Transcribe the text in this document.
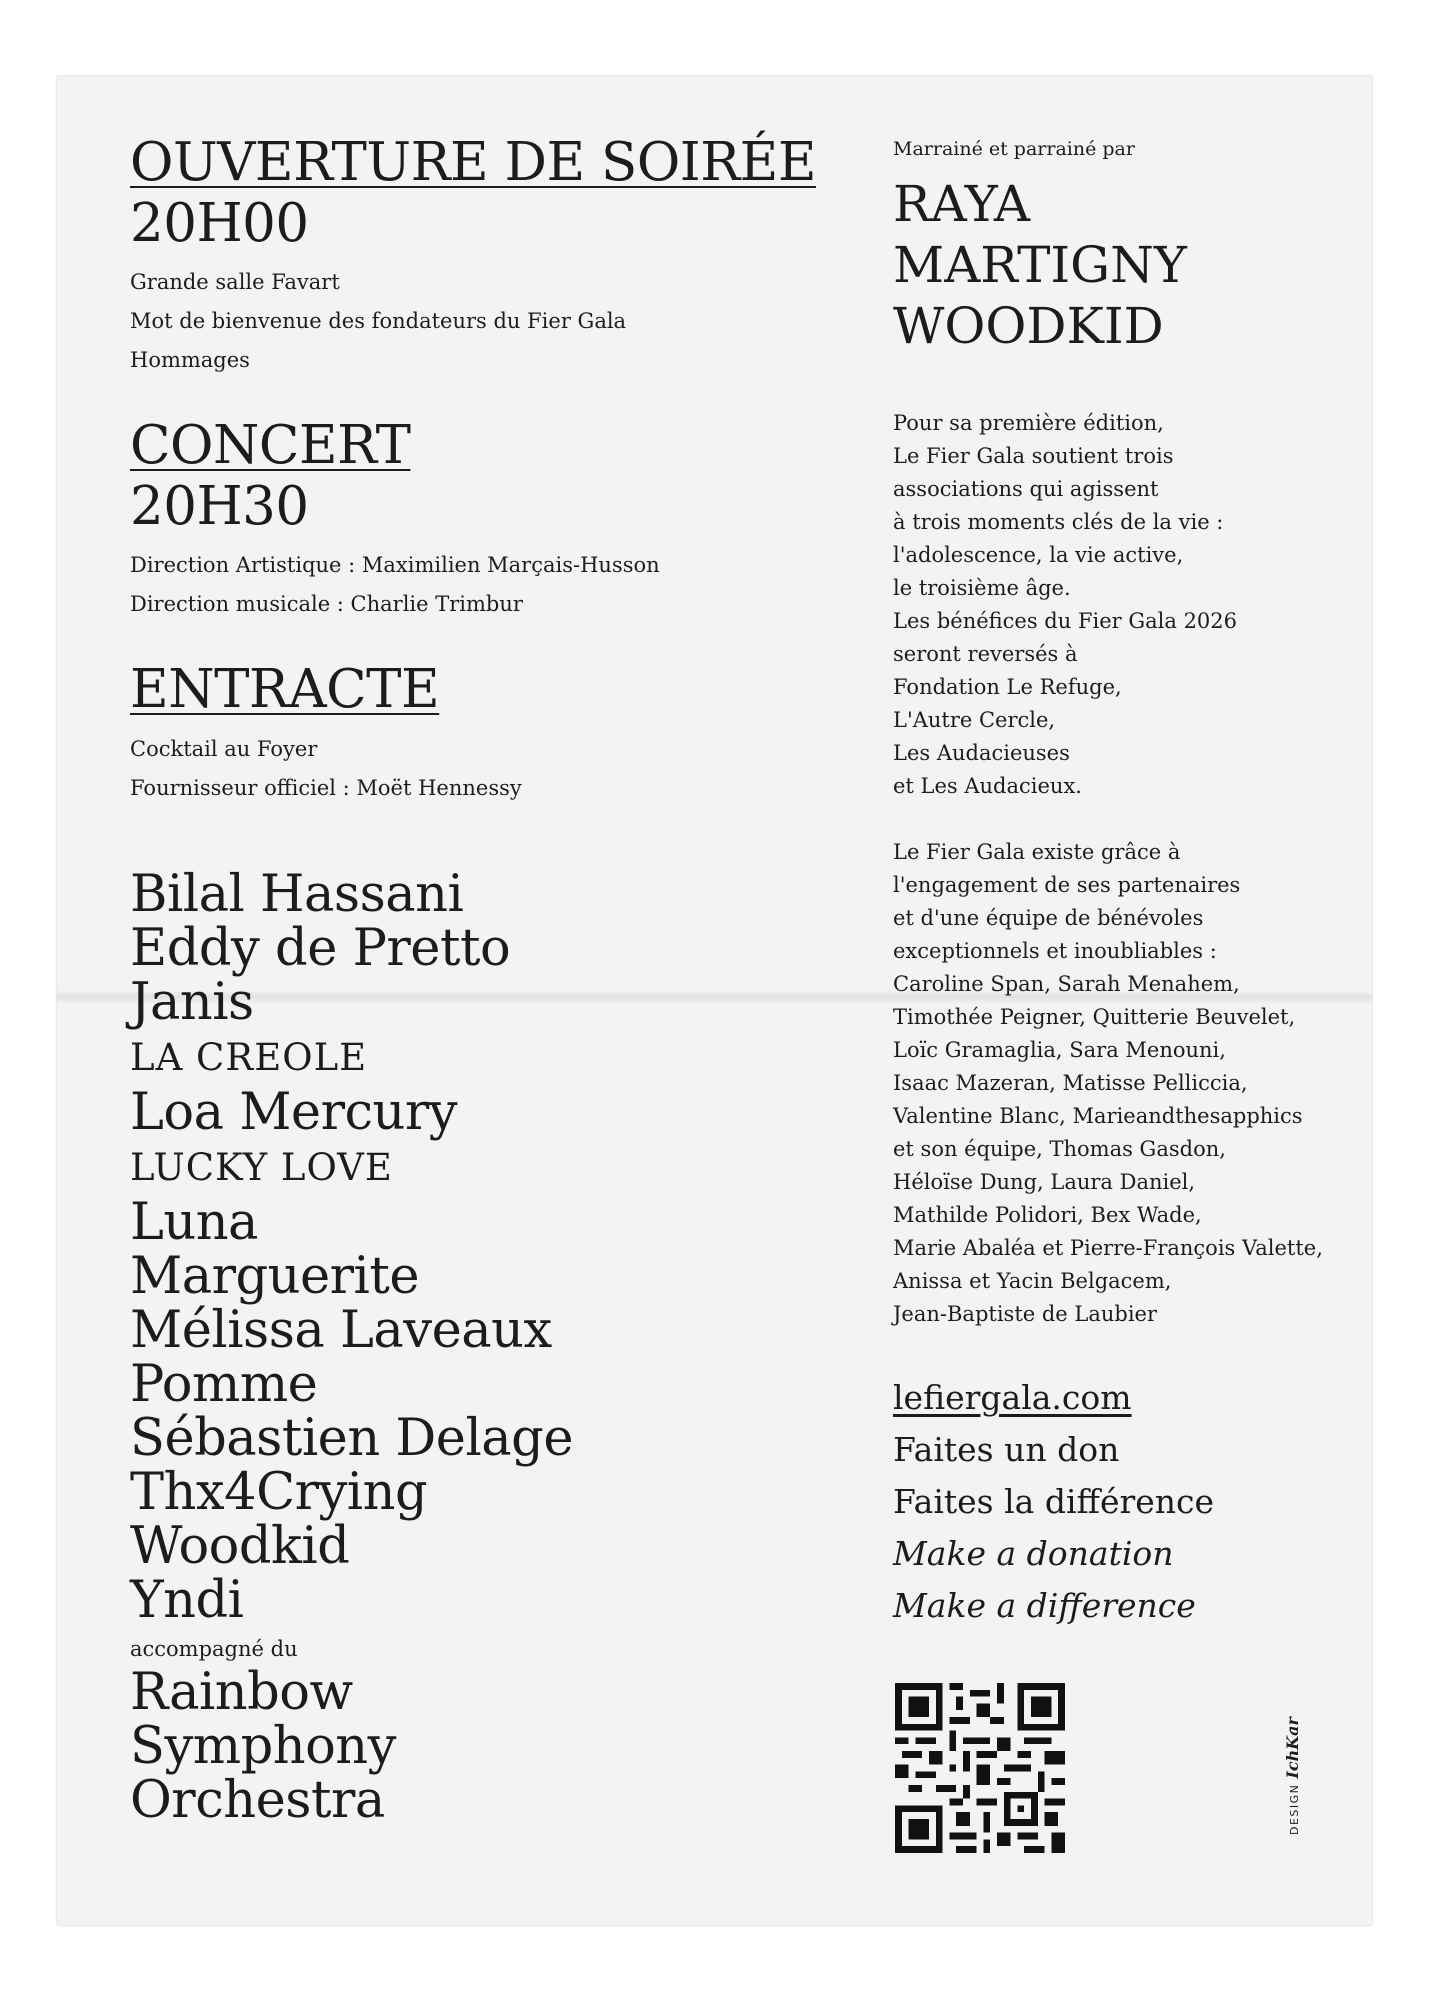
OUVERTURE DE SOIRÉE

20H00

Grande salle Favart

Mot de bienvenue des fondateurs du Fier Gala

Hommages

CONCERT

20H30

Direction Artistique : Maximilien Marçais-Husson

Direction musicale : Charlie Trimbur

ENTRACTE

Cocktail au Foyer

Fournisseur officiel : Moët Hennessy

Bilal Hassani

Eddy de Pretto

Janis

LA CREOLE

Loa Mercury

LUCKY LOVE

Luna

Marguerite

Mélissa Laveaux

Pomme

Sébastien Delage

Thx4Crying

Woodkid

Yndi

accompagné du

Rainbow

Symphony

Orchestra

Marrainé et parrainé par

RAYA

MARTIGNY

WOODKID

Pour sa première édition,
Le Fier Gala soutient trois
associations qui agissent
à trois moments clés de la vie :
l'adolescence, la vie active,
le troisième âge.
Les bénéfices du Fier Gala 2026
seront reversés à
Fondation Le Refuge,
L'Autre Cercle,
Les Audacieuses
et Les Audacieux.
Le Fier Gala existe grâce à
l'engagement de ses partenaires
et d'une équipe de bénévoles
exceptionnels et inoubliables :
Caroline Span, Sarah Menahem,
Timothée Peigner, Quitterie Beuvelet,
Loïc Gramaglia, Sara Menouni,
Isaac Mazeran, Matisse Pelliccia,
Valentine Blanc, Marieandthesapphics
et son équipe, Thomas Gasdon,
Héloïse Dung, Laura Daniel,
Mathilde Polidori, Bex Wade,
Marie Abaléa et Pierre-François Valette,
Anissa et Yacin Belgacem,
Jean-Baptiste de Laubier

lefiergala.com

Faites un don

Faites la différence

Make a donation

Make a difference

DESIGN IchKar
